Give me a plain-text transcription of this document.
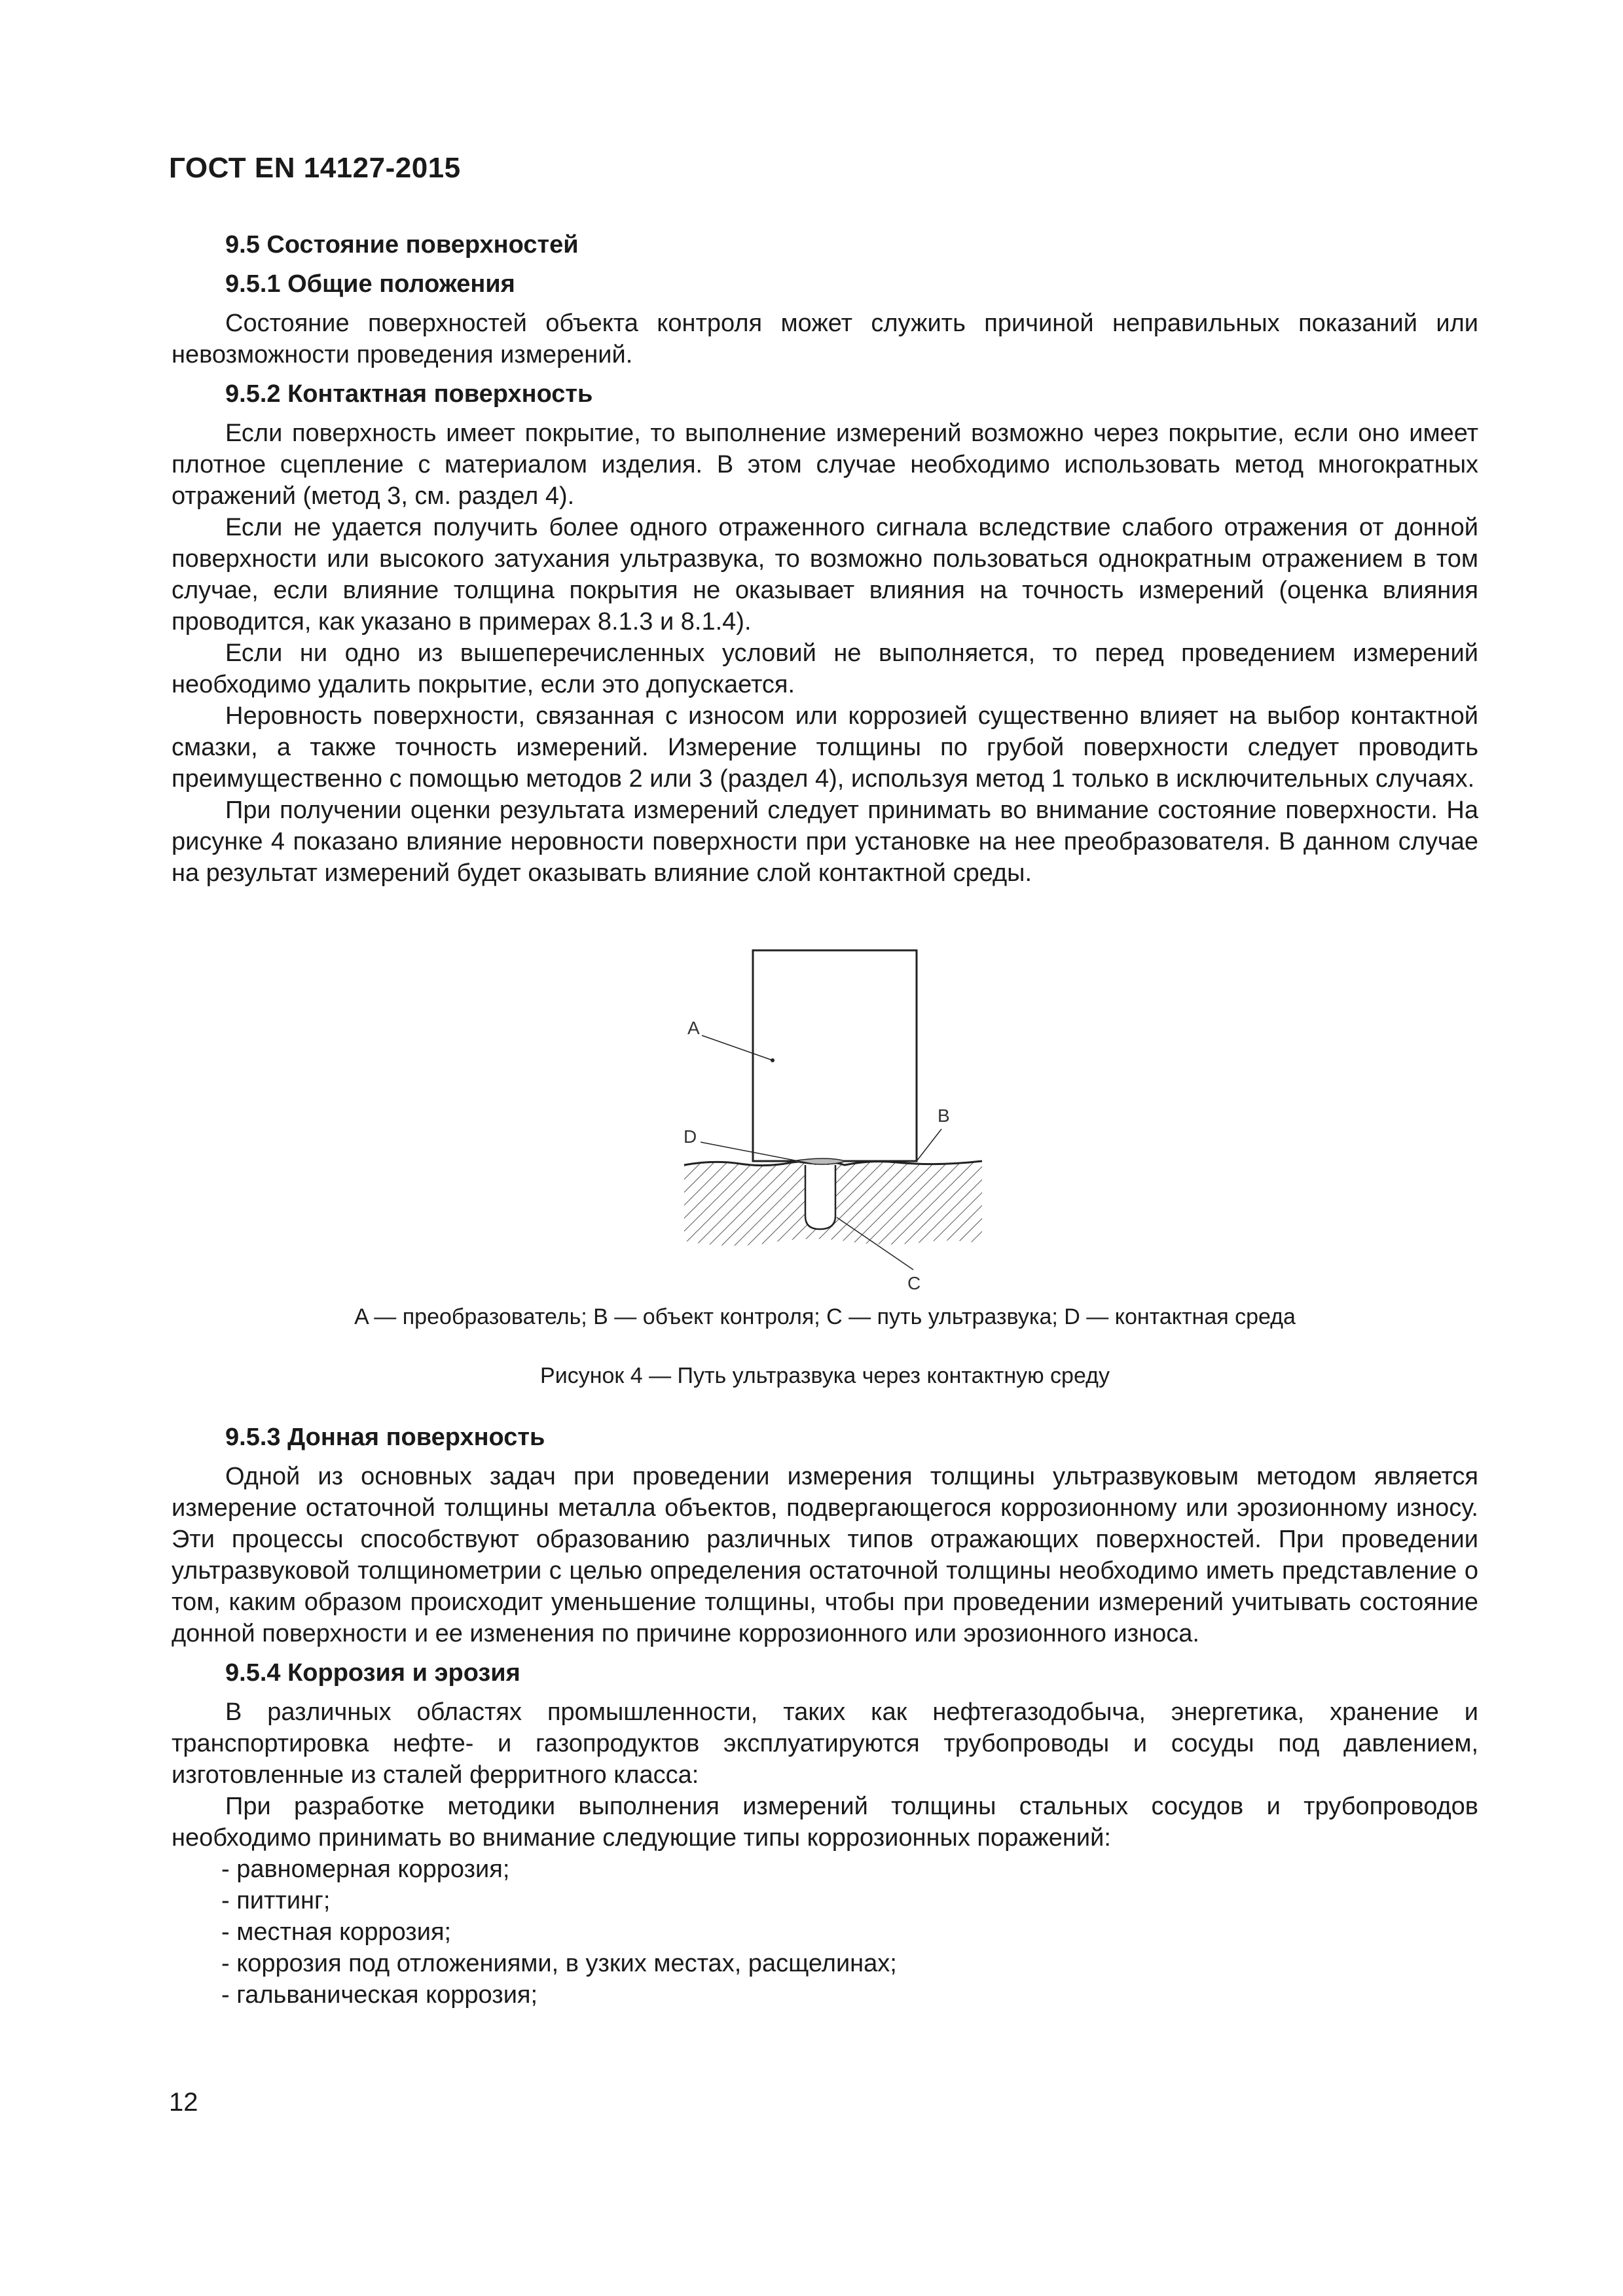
ГОСТ EN 14127-2015
9.5 Состояние поверхностей
9.5.1 Общие положения

Состояние поверхностей объекта контроля может служить причиной неправильных показаний или невозможности проведения измерений.

9.5.2 Контактная поверхность

Если поверхность имеет покрытие, то выполнение измерений возможно через покрытие, если оно имеет плотное сцепление с материалом изделия. В этом случае необходимо использовать метод многократных отражений (метод 3, см. раздел 4).

Если не удается получить более одного отраженного сигнала вследствие слабого отражения от донной поверхности или высокого затухания ультразвука, то возможно пользоваться однократным отражением в том случае, если влияние толщина покрытия не оказывает влияния на точность измерений (оценка влияния проводится, как указано в примерах 8.1.3 и 8.1.4).

Если ни одно из вышеперечисленных условий не выполняется, то перед проведением измерений необходимо удалить покрытие, если это допускается.

Неровность поверхности, связанная с износом или коррозией существенно влияет на выбор контактной смазки, а также точность измерений. Измерение толщины по грубой поверхности следует проводить преимущественно с помощью методов 2 или 3 (раздел 4), используя метод 1 только в исключительных случаях.

При получении оценки результата измерений следует принимать во внимание состояние поверхности. На рисунке 4 показано влияние неровности поверхности при установке на нее преобразователя. В данном случае на результат измерений будет оказывать влияние слой контактной среды.

A
D
B
C
A — преобразователь; B — объект контроля; C — путь ультразвука; D — контактная среда
Рисунок 4 — Путь ультразвука через контактную среду
9.5.3 Донная поверхность

Одной из основных задач при проведении измерения толщины ультразвуковым методом является измерение остаточной толщины металла объектов, подвергающегося коррозионному или эрозионному износу. Эти процессы способствуют образованию различных типов отражающих поверхностей. При проведении ультразвуковой толщинометрии с целью определения остаточной толщины необходимо иметь представление о том, каким образом происходит уменьшение толщины, чтобы при проведении измерений учитывать состояние донной поверхности и ее изменения по причине коррозионного или эрозионного износа.

9.5.4 Коррозия и эрозия

В различных областях промышленности, таких как нефтегазодобыча, энергетика, хранение и транспортировка нефте- и газопродуктов эксплуатируются трубопроводы и сосуды под давлением, изготовленные из сталей ферритного класса:

При разработке методики выполнения измерений толщины стальных сосудов и трубопроводов необходимо принимать во внимание следующие типы коррозионных поражений:

- равномерная коррозия;
- питтинг;
- местная коррозия;
- коррозия под отложениями, в узких местах, расщелинах;
- гальваническая коррозия;
12
